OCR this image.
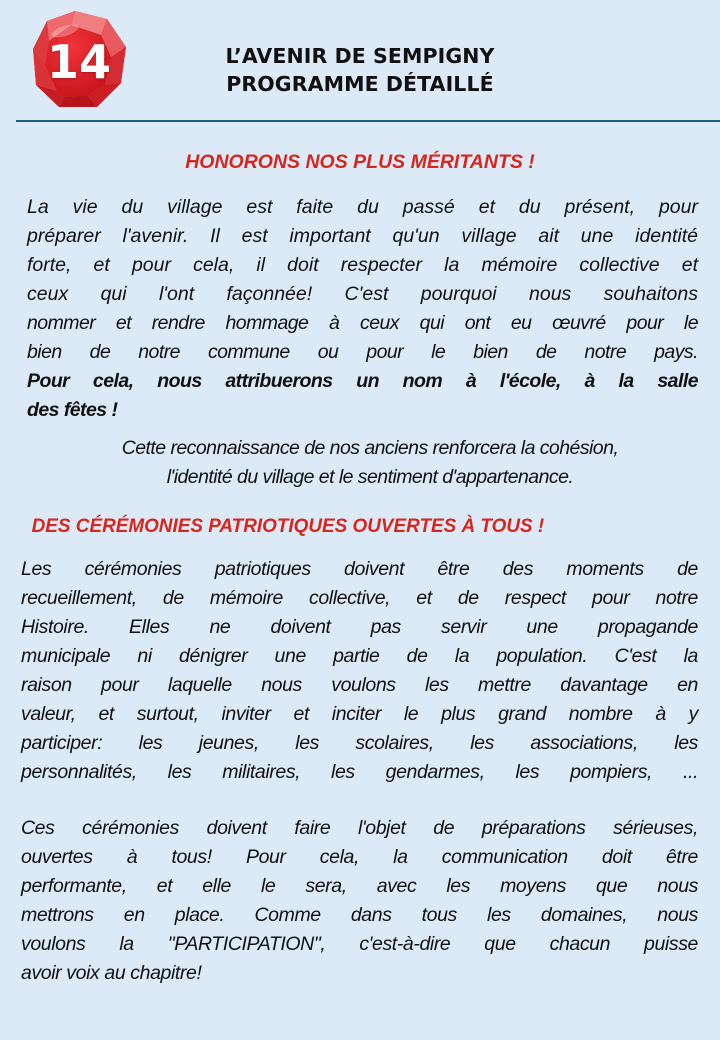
14	L’AVENIR DE SEMPIGNY
PROGRAMME DÉTAILLÉ
HONORONS NOS PLUS MÉRITANTS !
La vie du village est faite du passé et du présent, pour
préparer l'avenir. Il est important qu'un village ait une identité
forte, et pour cela, il doit respecter la mémoire collective et
ceux qui l'ont façonnée! C'est pourquoi nous souhaitons
nommer et rendre hommage à ceux qui ont eu œuvré pour le
bien de notre commune ou pour le bien de notre pays.
Pour cela, nous attribuerons un nom à l'école, à la salle
des fêtes !
Cette reconnaissance de nos anciens renforcera la cohésion,
l'identité du village et le sentiment d'appartenance.
DES CÉRÉMONIES PATRIOTIQUES OUVERTES À TOUS !
Les cérémonies patriotiques doivent être des moments de
recueillement, de mémoire collective, et de respect pour notre
Histoire. Elles ne doivent pas servir une propagande
municipale ni dénigrer une partie de la population. C'est la
raison pour laquelle nous voulons les mettre davantage en
valeur, et surtout, inviter et inciter le plus grand nombre à y
participer: les jeunes, les scolaires, les associations, les
personnalités, les militaires, les gendarmes, les pompiers, ...
Ces cérémonies doivent faire l'objet de préparations sérieuses,
ouvertes à tous! Pour cela, la communication doit être
performante, et elle le sera, avec les moyens que nous
mettrons en place. Comme dans tous les domaines, nous
voulons la "PARTICIPATION", c'est-à-dire que chacun puisse
avoir voix au chapitre!
